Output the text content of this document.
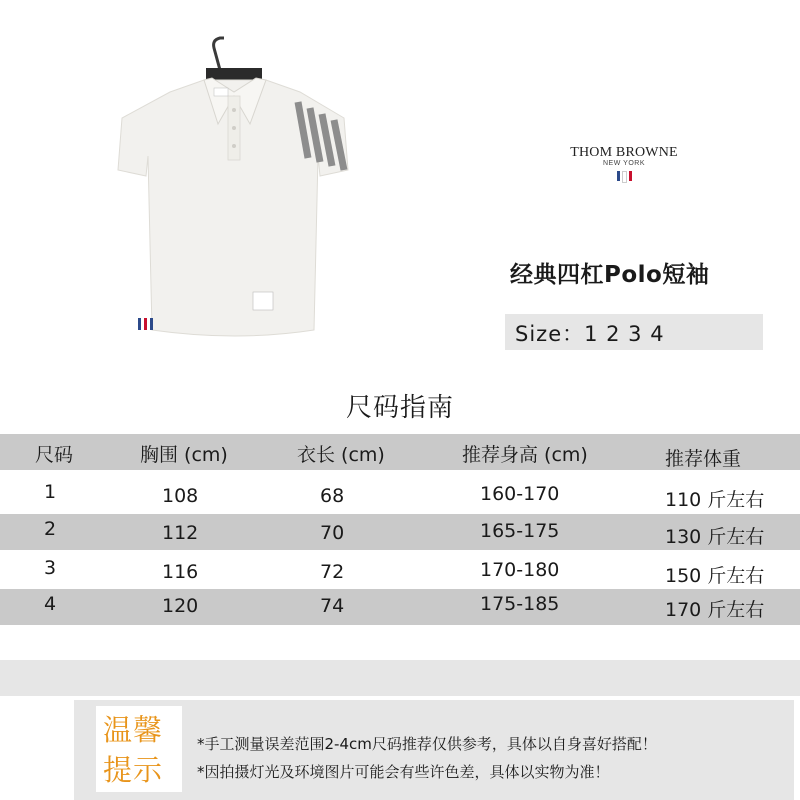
THOM BROWNE
NEW YORK
经典四杠Polo短袖
Size：1 2 3 4
尺码指南
尺码	胸围 (cm)	衣长 (cm)	推荐身高 (cm)	推荐体重
1	108	68	160-170	110 斤左右
2	112	70	165-175	130 斤左右
3	116	72	170-180	150 斤左右
4	120	74	175-185	170 斤左右
温馨
提示
*手工测量误差范围2-4cm尺码推荐仅供参考，具体以自身喜好搭配！
*因拍摄灯光及环境图片可能会有些许色差，具体以实物为准！
